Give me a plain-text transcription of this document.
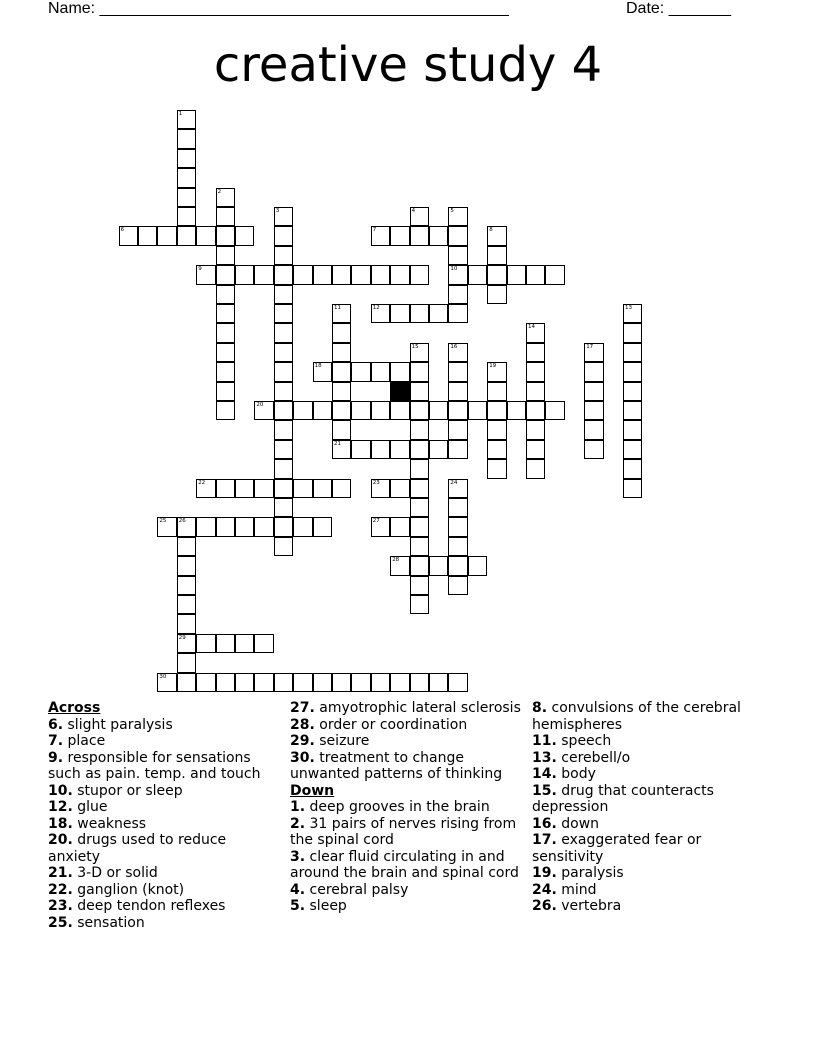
Name: ______________________________________________	Date: _______
creative study 4
1
2
3	4	5
10
6	7	8
9
11
21
12	13
14
15	16	17
18	19
20
22	23	24
25 26
29
27
28
30
Across
6. slight paralysis
7. place
9. responsible for sensations such as pain. temp. and touch
10. stupor or sleep
12. glue
18. weakness
20. drugs used to reduce anxiety
21. 3-D or solid
22. ganglion (knot)
23. deep tendon reflexes
25. sensation
27. amyotrophic lateral sclerosis
28. order or coordination
29. seizure
30. treatment to change unwanted patterns of thinking
Down
1. deep grooves in the brain
2. 31 pairs of nerves rising from the spinal cord
3. clear fluid circulating in and around the brain and spinal cord
4. cerebral palsy
5. sleep
8. convulsions of the cerebral hemispheres
11. speech
13. cerebell/o
14. body
15. drug that counteracts depression
16. down
17. exaggerated fear or sensitivity
19. paralysis
24. mind
26. vertebra
